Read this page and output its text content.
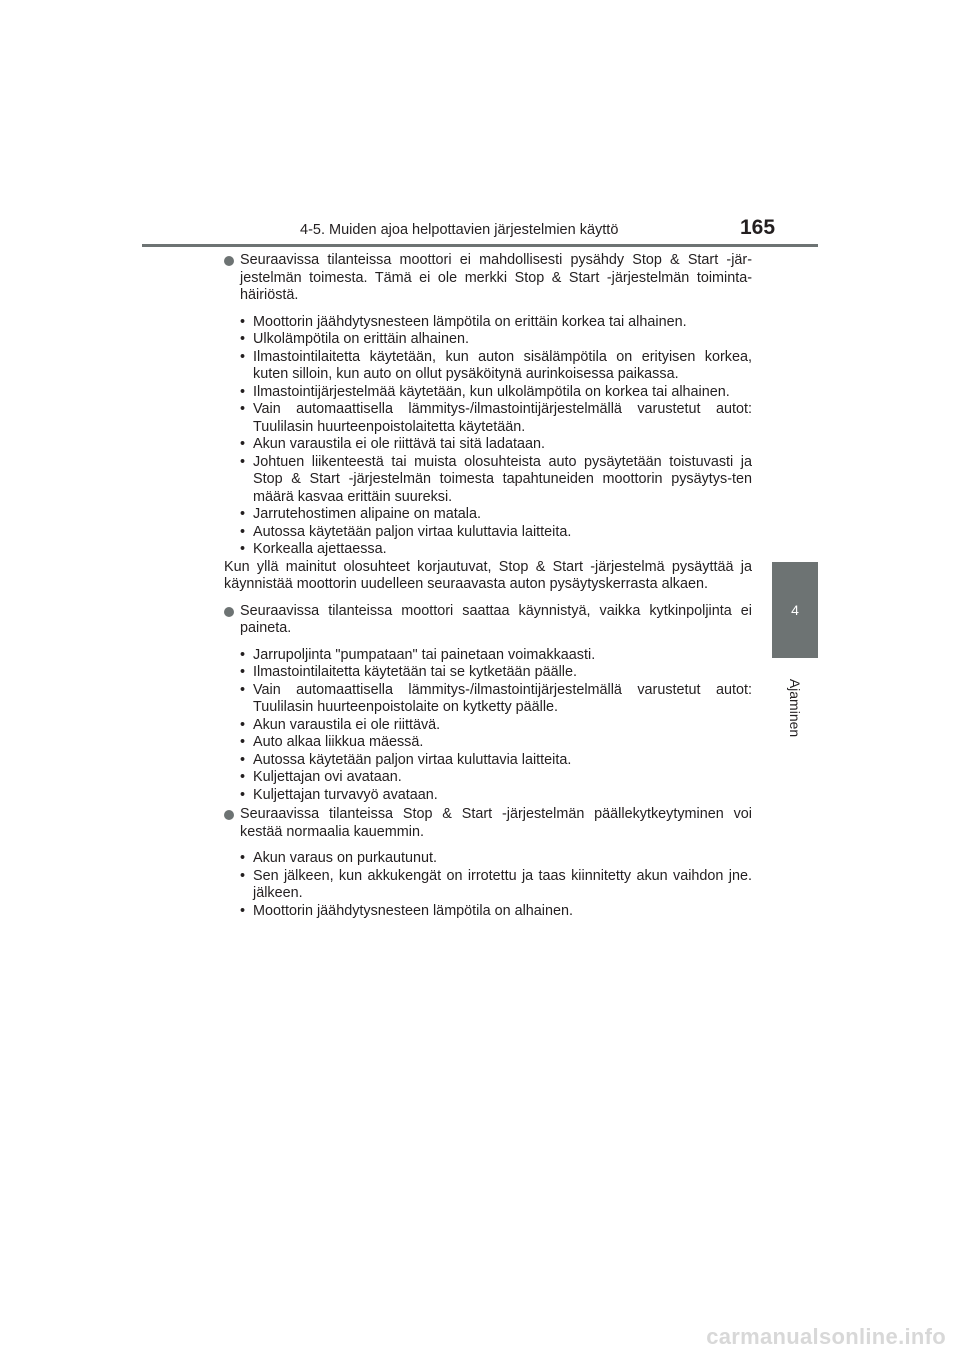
4-5. Muiden ajoa helpottavien järjestelmien käyttö	165
4
Ajaminen
Seuraavissa tilanteissa moottori ei mahdollisesti pysähdy Stop & Start -jär-jestelmän toimesta. Tämä ei ole merkki Stop & Start -järjestelmän toiminta-häiriöstä.
• Moottorin jäähdytysnesteen lämpötila on erittäin korkea tai alhainen.
• Ulkolämpötila on erittäin alhainen.
• Ilmastointilaitetta käytetään, kun auton sisälämpötila on erityisen korkea, kuten silloin, kun auto on ollut pysäköitynä aurinkoisessa paikassa.
• Ilmastointijärjestelmää käytetään, kun ulkolämpötila on korkea tai alhainen.
• Vain automaattisella lämmitys-/ilmastointijärjestelmällä varustetut autot: Tuulilasin huurteenpoistolaitetta käytetään.
• Akun varaustila ei ole riittävä tai sitä ladataan.
• Johtuen liikenteestä tai muista olosuhteista auto pysäytetään toistuvasti ja Stop & Start -järjestelmän toimesta tapahtuneiden moottorin pysäytys-ten määrä kasvaa erittäin suureksi.
• Jarrutehostimen alipaine on matala.
• Autossa käytetään paljon virtaa kuluttavia laitteita.
• Korkealla ajettaessa.

Kun yllä mainitut olosuhteet korjautuvat, Stop & Start -järjestelmä pysäyttää ja käynnistää moottorin uudelleen seuraavasta auton pysäytyskerrasta alkaen.

Seuraavissa tilanteissa moottori saattaa käynnistyä, vaikka kytkinpoljinta ei paineta.
• Jarrupoljinta "pumpataan" tai painetaan voimakkaasti.
• Ilmastointilaitetta käytetään tai se kytketään päälle.
• Vain automaattisella lämmitys-/ilmastointijärjestelmällä varustetut autot: Tuulilasin huurteenpoistolaite on kytketty päälle.
• Akun varaustila ei ole riittävä.
• Auto alkaa liikkua mäessä.
• Autossa käytetään paljon virtaa kuluttavia laitteita.
• Kuljettajan ovi avataan.
• Kuljettajan turvavyö avataan.
Seuraavissa tilanteissa Stop & Start -järjestelmän päällekytkeytyminen voi kestää normaalia kauemmin.
• Akun varaus on purkautunut.
• Sen jälkeen, kun akkukengät on irrotettu ja taas kiinnitetty akun vaihdon jne. jälkeen.
• Moottorin jäähdytysnesteen lämpötila on alhainen.
carmanualsonline.info
